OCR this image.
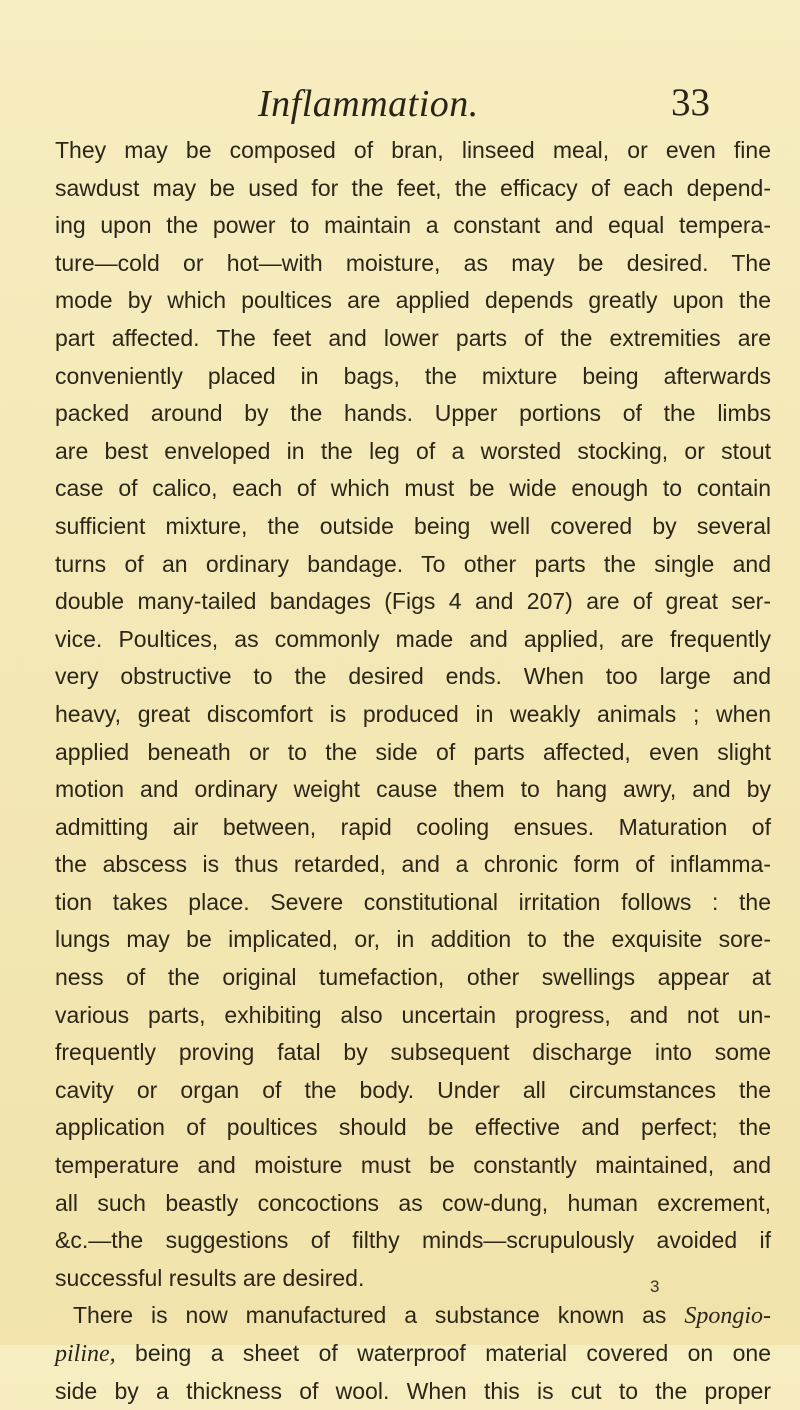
Inflammation.	33
They may be composed of bran, linseed meal, or even fine
sawdust may be used for the feet, the efficacy of each depend-
ing upon the power to maintain a constant and equal tempera-
ture—cold or hot—with moisture, as may be desired. The
mode by which poultices are applied depends greatly upon the
part affected. The feet and lower parts of the extremities are
conveniently placed in bags, the mixture being afterwards
packed around by the hands. Upper portions of the limbs
are best enveloped in the leg of a worsted stocking, or stout
case of calico, each of which must be wide enough to contain
sufficient mixture, the outside being well covered by several
turns of an ordinary bandage. To other parts the single and
double many-tailed bandages (Figs 4 and 207) are of great ser-
vice. Poultices, as commonly made and applied, are frequently
very obstructive to the desired ends. When too large and
heavy, great discomfort is produced in weakly animals ; when
applied beneath or to the side of parts affected, even slight
motion and ordinary weight cause them to hang awry, and by
admitting air between, rapid cooling ensues. Maturation of
the abscess is thus retarded, and a chronic form of inflamma-
tion takes place. Severe constitutional irritation follows : the
lungs may be implicated, or, in addition to the exquisite sore-
ness of the original tumefaction, other swellings appear at
various parts, exhibiting also uncertain progress, and not un-
frequently proving fatal by subsequent discharge into some
cavity or organ of the body. Under all circumstances the
application of poultices should be effective and perfect; the
temperature and moisture must be constantly maintained, and
all such beastly concoctions as cow-dung, human excrement,
&c.—the suggestions of filthy minds—scrupulously avoided if
successful results are desired.
There is now manufactured a substance known as Spongio-
piline, being a sheet of waterproof material covered on one
side by a thickness of wool. When this is cut to the proper
3
